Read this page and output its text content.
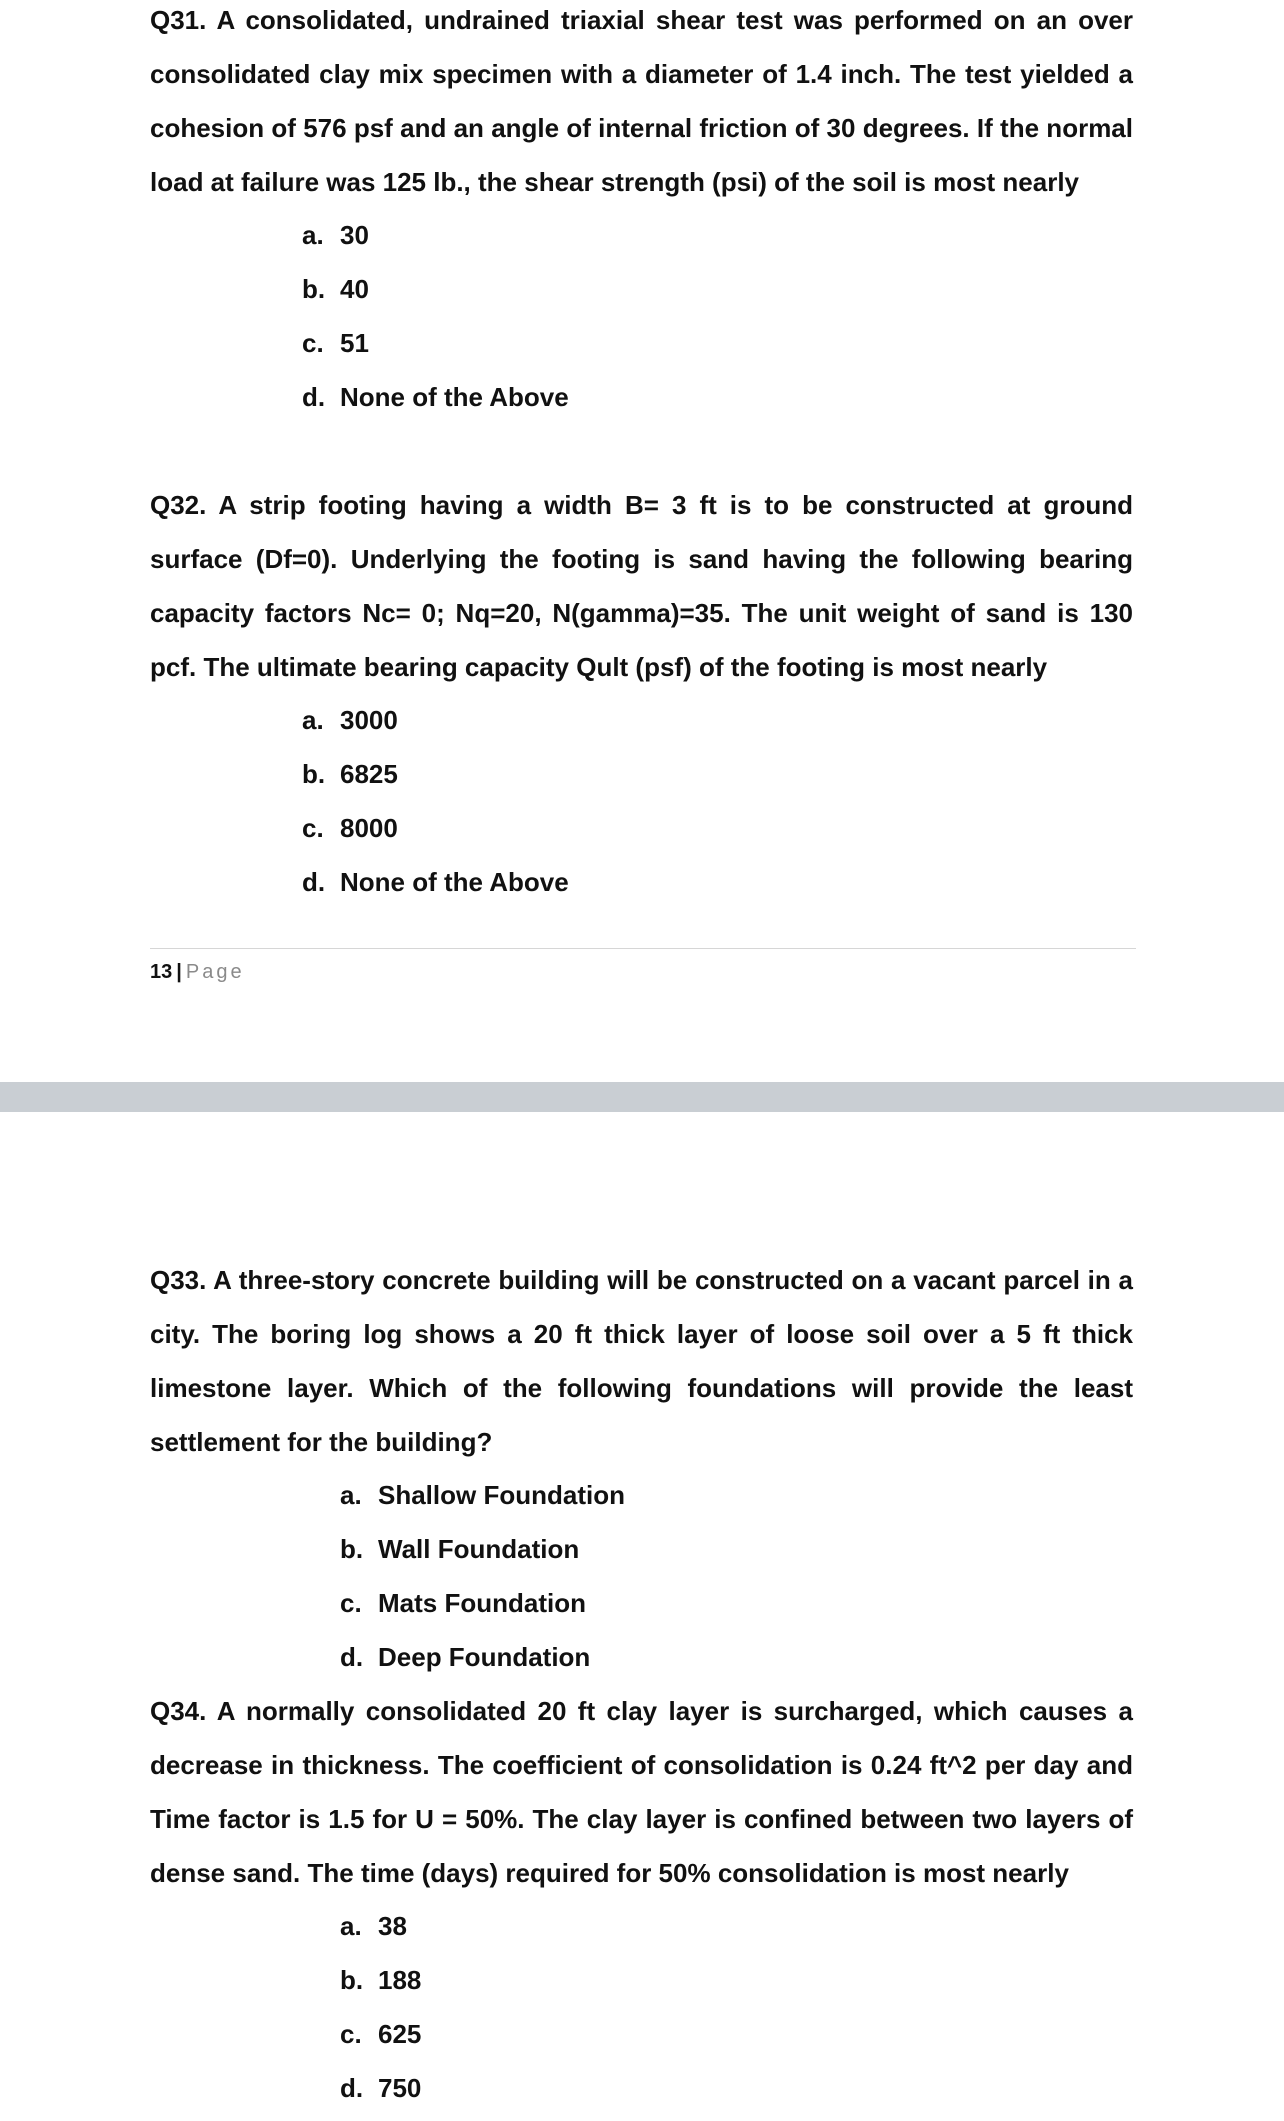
Q31. A consolidated, undrained triaxial shear test was performed on an over consolidated clay mix specimen with a diameter of 1.4 inch. The test yielded a cohesion of 576 psf and an angle of internal friction of 30 degrees. If the normal load at failure was 125 lb., the shear strength (psi) of the soil is most nearly

a. 30
b. 40
c. 51
d. None of the Above

Q32. A strip footing having a width B= 3 ft is to be constructed at ground surface (Df=0). Underlying the footing is sand having the following bearing capacity factors Nc= 0; Nq=20, N(gamma)=35. The unit weight of sand is 130 pcf. The ultimate bearing capacity Qult (psf) of the footing is most nearly

a. 3000
b. 6825
c. 8000
d. None of the Above
13 | Page

Q33. A three-story concrete building will be constructed on a vacant parcel in a city. The boring log shows a 20 ft thick layer of loose soil over a 5 ft thick limestone layer. Which of the following foundations will provide the least settlement for the building?

a. Shallow Foundation
b. Wall Foundation
c. Mats Foundation
d. Deep Foundation

Q34. A normally consolidated 20 ft clay layer is surcharged, which causes a decrease in thickness. The coefficient of consolidation is 0.24 ft^2 per day and Time factor is 1.5 for U = 50%. The clay layer is confined between two layers of dense sand. The time (days) required for 50% consolidation is most nearly

a. 38
b. 188
c. 625
d. 750
